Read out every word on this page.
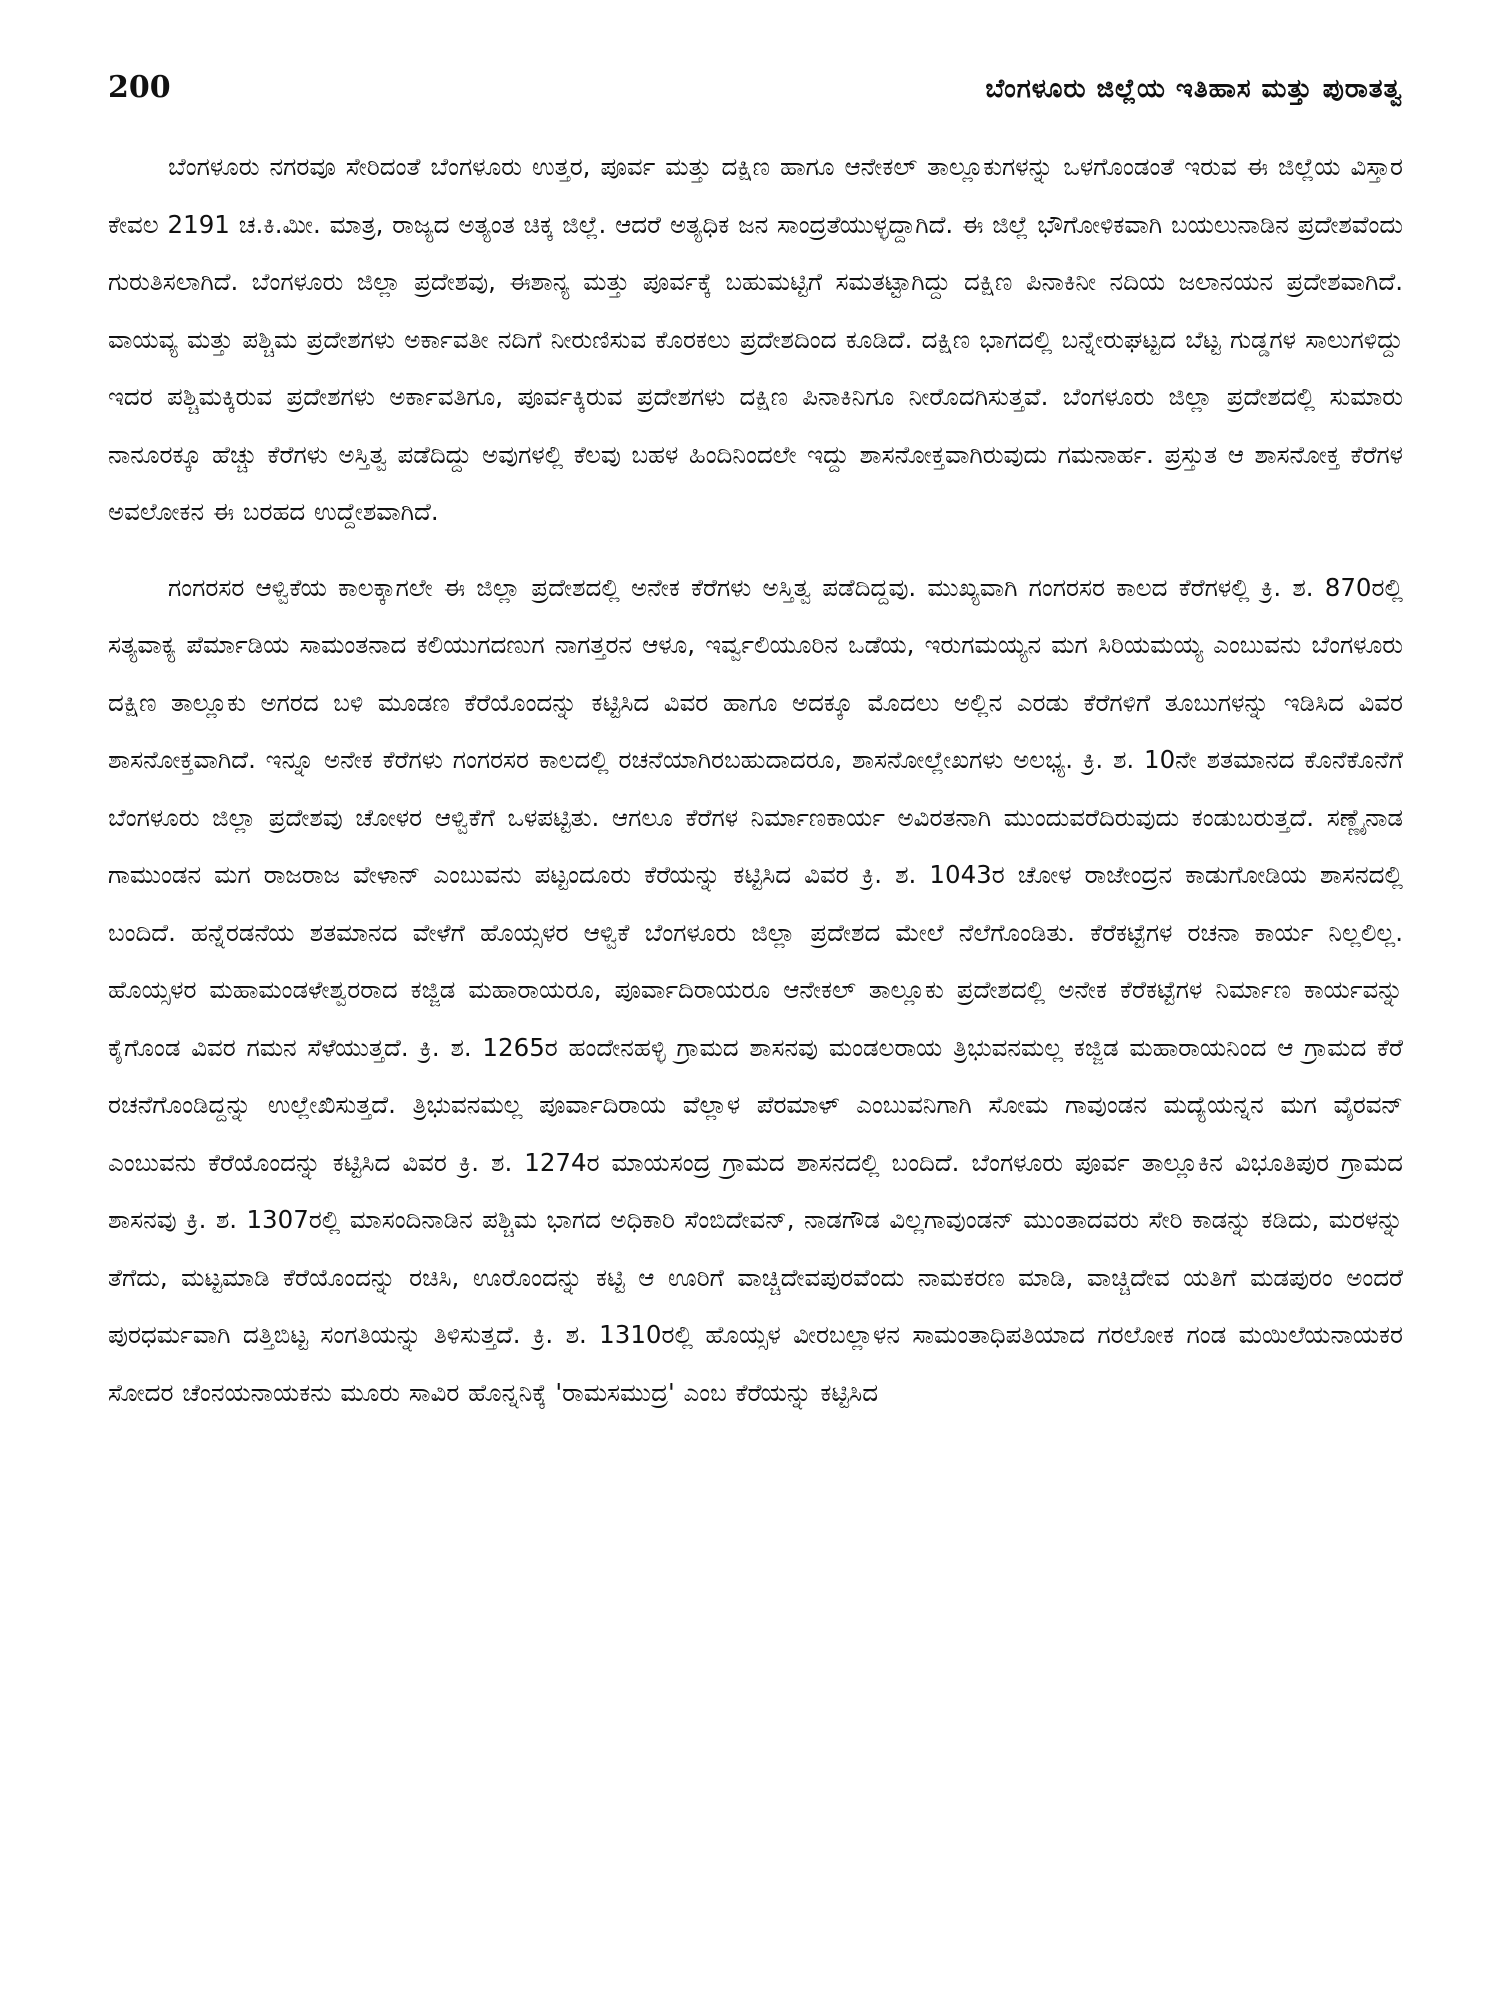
200	ಬೆಂಗಳೂರು ಜಿಲ್ಲೆಯ ಇತಿಹಾಸ ಮತ್ತು ಪುರಾತತ್ವ

ಬೆಂಗಳೂರು ನಗರವೂ ಸೇರಿದಂತೆ ಬೆಂಗಳೂರು ಉತ್ತರ, ಪೂರ್ವ ಮತ್ತು ದಕ್ಷಿಣ ಹಾಗೂ ಆನೇಕಲ್ ತಾಲ್ಲೂಕುಗಳನ್ನು ಒಳಗೊಂಡಂತೆ ಇರುವ ಈ ಜಿಲ್ಲೆಯ ವಿಸ್ತಾರ ಕೇವಲ 2191 ಚ.ಕಿ.ಮೀ. ಮಾತ್ರ, ರಾಜ್ಯದ ಅತ್ಯಂತ ಚಿಕ್ಕ ಜಿಲ್ಲೆ. ಆದರೆ ಅತ್ಯಧಿಕ ಜನ ಸಾಂದ್ರತೆಯುಳ್ಳದ್ದಾಗಿದೆ. ಈ ಜಿಲ್ಲೆ ಭೌಗೋಳಿಕವಾಗಿ ಬಯಲುನಾಡಿನ ಪ್ರದೇಶವೆಂದು ಗುರುತಿಸಲಾಗಿದೆ. ಬೆಂಗಳೂರು ಜಿಲ್ಲಾ ಪ್ರದೇಶವು, ಈಶಾನ್ಯ ಮತ್ತು ಪೂರ್ವಕ್ಕೆ ಬಹುಮಟ್ಟಿಗೆ ಸಮತಟ್ಟಾಗಿದ್ದು ದಕ್ಷಿಣ ಪಿನಾಕಿನೀ ನದಿಯ ಜಲಾನಯನ ಪ್ರದೇಶವಾಗಿದೆ. ವಾಯವ್ಯ ಮತ್ತು ಪಶ್ಚಿಮ ಪ್ರದೇಶಗಳು ಅರ್ಕಾವತೀ ನದಿಗೆ ನೀರುಣಿಸುವ ಕೊರಕಲು ಪ್ರದೇಶದಿಂದ ಕೂಡಿದೆ. ದಕ್ಷಿಣ ಭಾಗದಲ್ಲಿ ಬನ್ನೇರುಘಟ್ಟದ ಬೆಟ್ಟ ಗುಡ್ಡಗಳ ಸಾಲುಗಳಿದ್ದು ಇದರ ಪಶ್ಚಿಮಕ್ಕಿರುವ ಪ್ರದೇಶಗಳು ಅರ್ಕಾವತಿಗೂ, ಪೂರ್ವಕ್ಕಿರುವ ಪ್ರದೇಶಗಳು ದಕ್ಷಿಣ ಪಿನಾಕಿನಿಗೂ ನೀರೊದಗಿಸುತ್ತವೆ. ಬೆಂಗಳೂರು ಜಿಲ್ಲಾ ಪ್ರದೇಶದಲ್ಲಿ ಸುಮಾರು ನಾನೂರಕ್ಕೂ ಹೆಚ್ಚು ಕೆರೆಗಳು ಅಸ್ತಿತ್ವ ಪಡೆದಿದ್ದು ಅವುಗಳಲ್ಲಿ ಕೆಲವು ಬಹಳ ಹಿಂದಿನಿಂದಲೇ ಇದ್ದು ಶಾಸನೋಕ್ತವಾಗಿರುವುದು ಗಮನಾರ್ಹ. ಪ್ರಸ್ತುತ ಆ ಶಾಸನೋಕ್ತ ಕೆರೆಗಳ ಅವಲೋಕನ ಈ ಬರಹದ ಉದ್ದೇಶವಾಗಿದೆ.

ಗಂಗರಸರ ಆಳ್ವಿಕೆಯ ಕಾಲಕ್ಕಾಗಲೇ ಈ ಜಿಲ್ಲಾ ಪ್ರದೇಶದಲ್ಲಿ ಅನೇಕ ಕೆರೆಗಳು ಅಸ್ತಿತ್ವ ಪಡೆದಿದ್ದವು. ಮುಖ್ಯವಾಗಿ ಗಂಗರಸರ ಕಾಲದ ಕೆರೆಗಳಲ್ಲಿ ಕ್ರಿ. ಶ. 870ರಲ್ಲಿ ಸತ್ಯವಾಕ್ಯ ಪೆರ್ಮಾಡಿಯ ಸಾಮಂತನಾದ ಕಲಿಯುಗದಣುಗ ನಾಗತ್ತರನ ಆಳೂ, ಇರ್ವ್ವಲಿಯೂರಿನ ಒಡೆಯ, ಇರುಗಮಯ್ಯನ ಮಗ ಸಿರಿಯಮಯ್ಯ ಎಂಬುವನು ಬೆಂಗಳೂರು ದಕ್ಷಿಣ ತಾಲ್ಲೂಕು ಅಗರದ ಬಳಿ ಮೂಡಣ ಕೆರೆಯೊಂದನ್ನು ಕಟ್ಟಿಸಿದ ವಿವರ ಹಾಗೂ ಅದಕ್ಕೂ ಮೊದಲು ಅಲ್ಲಿನ ಎರಡು ಕೆರೆಗಳಿಗೆ ತೂಬುಗಳನ್ನು ಇಡಿಸಿದ ವಿವರ ಶಾಸನೋಕ್ತವಾಗಿದೆ. ಇನ್ನೂ ಅನೇಕ ಕೆರೆಗಳು ಗಂಗರಸರ ಕಾಲದಲ್ಲಿ ರಚನೆಯಾಗಿರಬಹುದಾದರೂ, ಶಾಸನೋಲ್ಲೇಖಗಳು ಅಲಭ್ಯ. ಕ್ರಿ. ಶ. 10ನೇ ಶತಮಾನದ ಕೊನೆಕೊನೆಗೆ ಬೆಂಗಳೂರು ಜಿಲ್ಲಾ ಪ್ರದೇಶವು ಚೋಳರ ಆಳ್ವಿಕೆಗೆ ಒಳಪಟ್ಟಿತು. ಆಗಲೂ ಕೆರೆಗಳ ನಿರ್ಮಾಣಕಾರ್ಯ ಅವಿರತನಾಗಿ ಮುಂದುವರೆದಿರುವುದು ಕಂಡುಬರುತ್ತದೆ. ಸಣ್ಣೈನಾಡ ಗಾಮುಂಡನ ಮಗ ರಾಜರಾಜ ವೇಳಾನ್ ಎಂಬುವನು ಪಟ್ಟಂದೂರು ಕೆರೆಯನ್ನು ಕಟ್ಟಿಸಿದ ವಿವರ ಕ್ರಿ. ಶ. 1043ರ ಚೋಳ ರಾಜೇಂದ್ರನ ಕಾಡುಗೋಡಿಯ ಶಾಸನದಲ್ಲಿ ಬಂದಿದೆ. ಹನ್ನೆರಡನೆಯ ಶತಮಾನದ ವೇಳೆಗೆ ಹೊಯ್ಸಳರ ಆಳ್ವಿಕೆ ಬೆಂಗಳೂರು ಜಿಲ್ಲಾ ಪ್ರದೇಶದ ಮೇಲೆ ನೆಲೆಗೊಂಡಿತು. ಕೆರೆಕಟ್ಟೆಗಳ ರಚನಾ ಕಾರ್ಯ ನಿಲ್ಲಲಿಲ್ಲ. ಹೊಯ್ಸಳರ ಮಹಾಮಂಡಳೇಶ್ವರರಾದ ಕಜ್ಜಿಡ ಮಹಾರಾಯರೂ, ಪೂರ್ವಾದಿರಾಯರೂ ಆನೇಕಲ್ ತಾಲ್ಲೂಕು ಪ್ರದೇಶದಲ್ಲಿ ಅನೇಕ ಕೆರೆಕಟ್ಟೆಗಳ ನಿರ್ಮಾಣ ಕಾರ್ಯವನ್ನು ಕೈಗೊಂಡ ವಿವರ ಗಮನ ಸೆಳೆಯುತ್ತದೆ. ಕ್ರಿ. ಶ. 1265ರ ಹಂದೇನಹಳ್ಳಿ ಗ್ರಾಮದ ಶಾಸನವು ಮಂಡಲರಾಯ ತ್ರಿಭುವನಮಲ್ಲ ಕಜ್ಜಿಡ ಮಹಾರಾಯನಿಂದ ಆ ಗ್ರಾಮದ ಕೆರೆ ರಚನೆಗೊಂಡಿದ್ದನ್ನು ಉಲ್ಲೇಖಿಸುತ್ತದೆ. ತ್ರಿಭುವನಮಲ್ಲ ಪೂರ್ವಾದಿರಾಯ ವೆಲ್ಲಾಳ ಪೆರಮಾಳ್ ಎಂಬುವನಿಗಾಗಿ ಸೋಮ ಗಾವುಂಡನ ಮದ್ಯೆಯನ್ನನ ಮಗ ವೈರವನ್ ಎಂಬುವನು ಕೆರೆಯೊಂದನ್ನು ಕಟ್ಟಿಸಿದ ವಿವರ ಕ್ರಿ. ಶ. 1274ರ ಮಾಯಸಂದ್ರ ಗ್ರಾಮದ ಶಾಸನದಲ್ಲಿ ಬಂದಿದೆ. ಬೆಂಗಳೂರು ಪೂರ್ವ ತಾಲ್ಲೂಕಿನ ವಿಭೂತಿಪುರ ಗ್ರಾಮದ ಶಾಸನವು ಕ್ರಿ. ಶ. 1307ರಲ್ಲಿ ಮಾಸಂದಿನಾಡಿನ ಪಶ್ಚಿಮ ಭಾಗದ ಅಧಿಕಾರಿ ಸೆಂಬಿದೇವನ್, ನಾಡಗೌಡ ವಿಲ್ಲಗಾವುಂಡನ್ ಮುಂತಾದವರು ಸೇರಿ ಕಾಡನ್ನು ಕಡಿದು, ಮರಳನ್ನು ತೆಗೆದು, ಮಟ್ಟಮಾಡಿ ಕೆರೆಯೊಂದನ್ನು ರಚಿಸಿ, ಊರೊಂದನ್ನು ಕಟ್ಟಿ ಆ ಊರಿಗೆ ವಾಚ್ಚಿದೇವಪುರವೆಂದು ನಾಮಕರಣ ಮಾಡಿ, ವಾಚ್ಚಿದೇವ ಯತಿಗೆ ಮಡಪುರಂ ಅಂದರೆ ಪುರಧರ್ಮವಾಗಿ ದತ್ತಿಬಿಟ್ಟ ಸಂಗತಿಯನ್ನು ತಿಳಿಸುತ್ತದೆ. ಕ್ರಿ. ಶ. 1310ರಲ್ಲಿ ಹೊಯ್ಸಳ ವೀರಬಲ್ಲಾಳನ ಸಾಮಂತಾಧಿಪತಿಯಾದ ಗರಲೋಕ ಗಂಡ ಮಯಿಲೆಯನಾಯಕರ ಸೋದರ ಚೆಂನಯನಾಯಕನು ಮೂರು ಸಾವಿರ ಹೊನ್ನನಿಕ್ಕೆ 'ರಾಮಸಮುದ್ರ' ಎಂಬ ಕೆರೆಯನ್ನು ಕಟ್ಟಿಸಿದ
